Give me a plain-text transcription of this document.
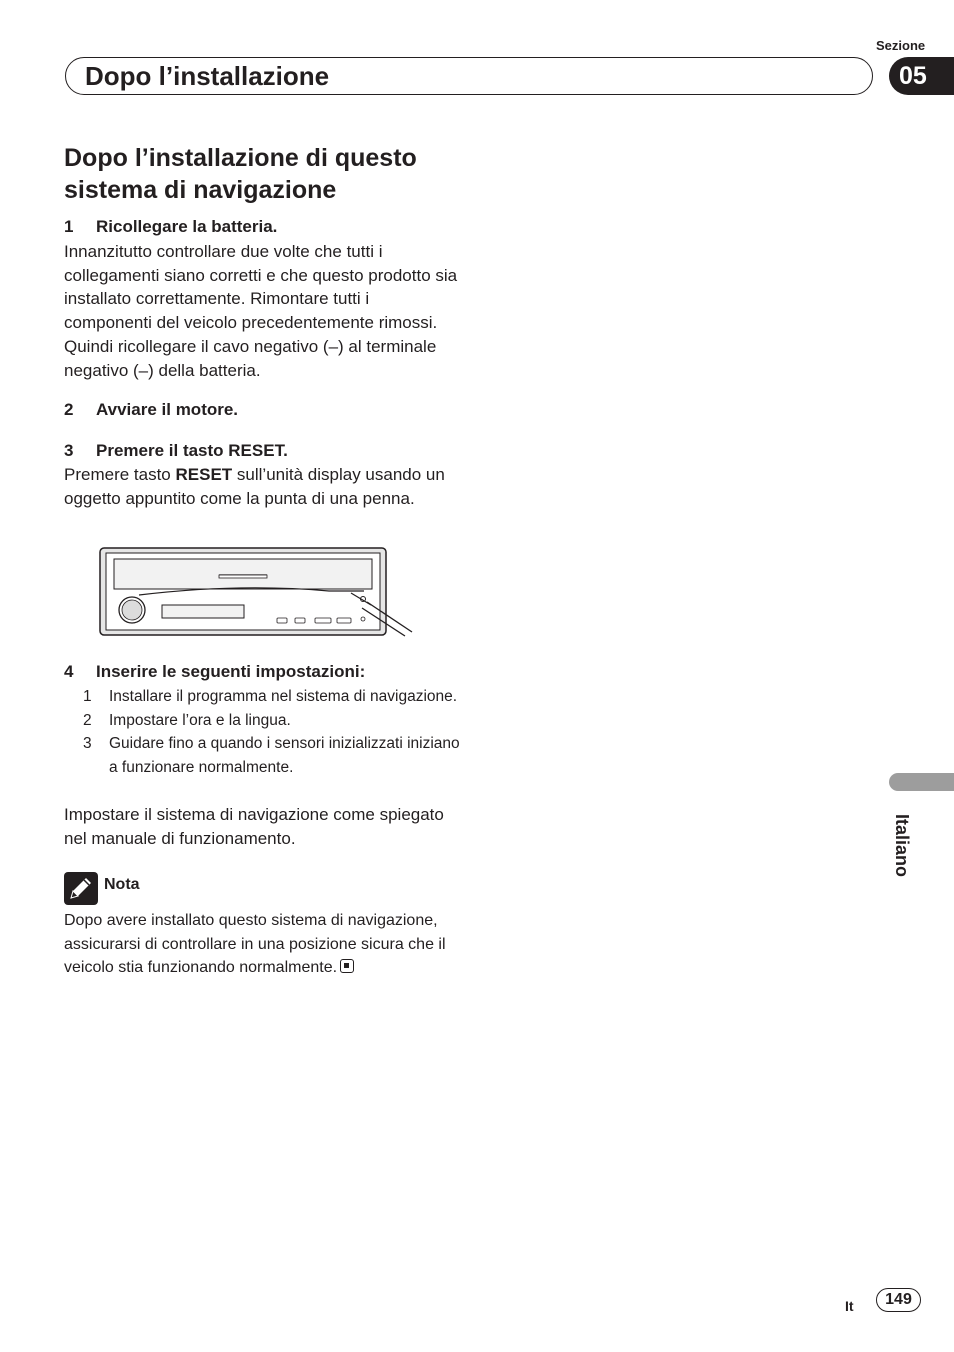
Dopo l’installazione
Sezione
05
Dopo l’installazione di questo sistema di navigazione
1 Ricollegare la batteria.
Innanzitutto controllare due volte che tutti i collegamenti siano corretti e che questo prodotto sia installato correttamente. Rimontare tutti i componenti del veicolo precedentemente rimossi. Quindi ricollegare il cavo negativo (–) al terminale negativo (–) della batteria.
2 Avviare il motore.
3 Premere il tasto RESET.
Premere tasto RESET sull’unità display usando un oggetto appuntito come la punta di una penna.
4 Inserire le seguenti impostazioni:
1 Installare il programma nel sistema di navigazione.
2 Impostare l’ora e la lingua.
3 Guidare fino a quando i sensori inizializzati iniziano a funzionare normalmente.
Impostare il sistema di navigazione come spiegato nel manuale di funzionamento.
Nota
Dopo avere installato questo sistema di navigazione, assicurarsi di controllare in una posizione sicura che il veicolo stia funzionando normalmente.
Italiano
It	149
